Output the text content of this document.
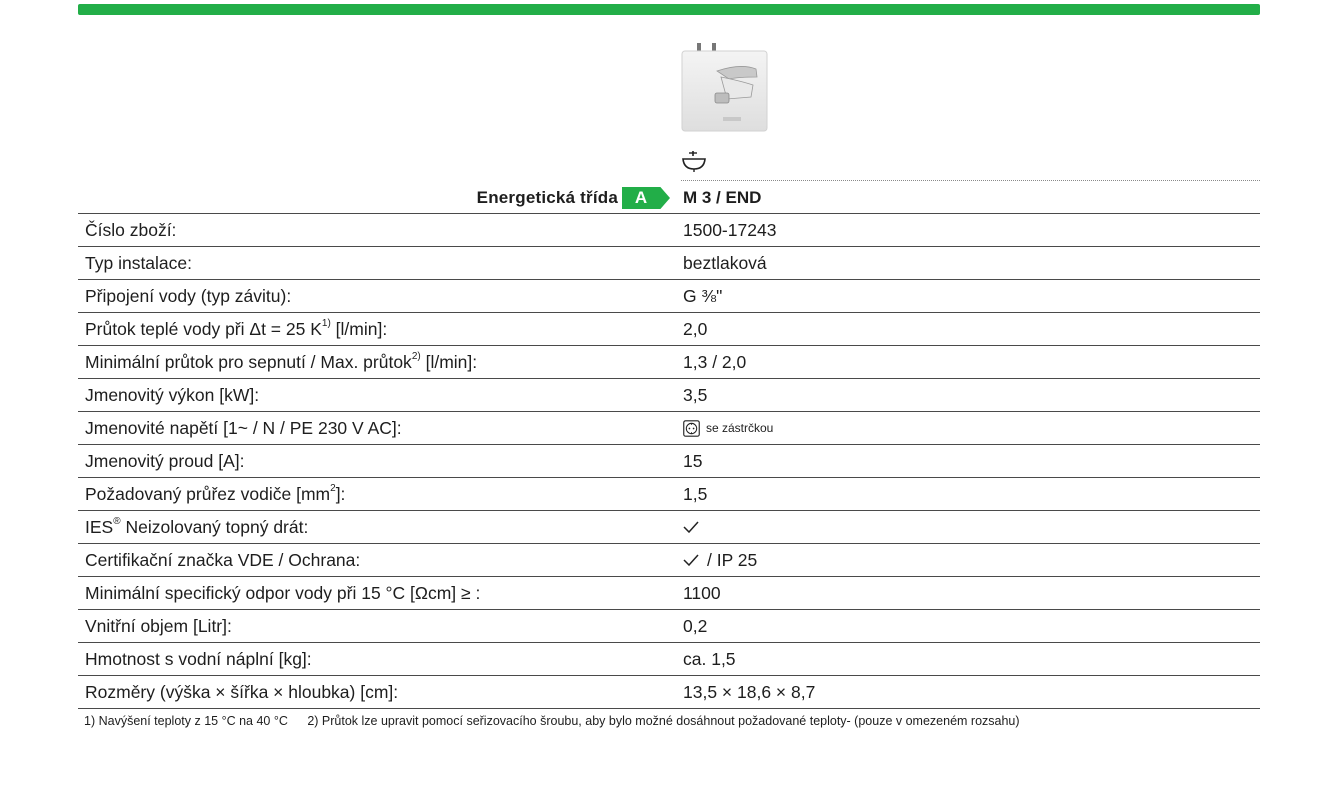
Energetická třída A	M 3 / END
Číslo zboží:	1500-17243
Typ instalace:	beztlaková
Připojení vody (typ závitu):	G ⅜"
Průtok teplé vody při Δt = 25 $K^{1)}$ [l/min]:	2,0
Minimální průtok pro sepnutí / Max. průtok$^{2)}$ [l/min]:	1,3 / 2,0
Jmenovitý výkon [kW]:	3,5
Jmenovité napětí [1~ / N / PE 230 V AC]:	se zástrčkou
Jmenovitý proud [A]:	15
Požadovaný průřez vodiče $[mm^2]$:	1,5
IES® Neizolovaný topný drát:
Certifikační značka VDE / Ochrana:	/ IP 25
Minimální specifický odpor vody při 15 °C [Ωcm] ≥ :	1100
Vnitřní objem [Litr]:	0,2
Hmotnost s vodní náplní [kg]:	ca. 1,5
Rozměry (výška × šířka × hloubka) [cm]:	13,5 × 18,6 × 8,7
1) Navýšení teploty z 15 °C na 40 °C 2) Průtok lze upravit pomocí seřizovacího šroubu, aby bylo možné dosáhnout požadované teploty- (pouze v omezeném rozsahu)
